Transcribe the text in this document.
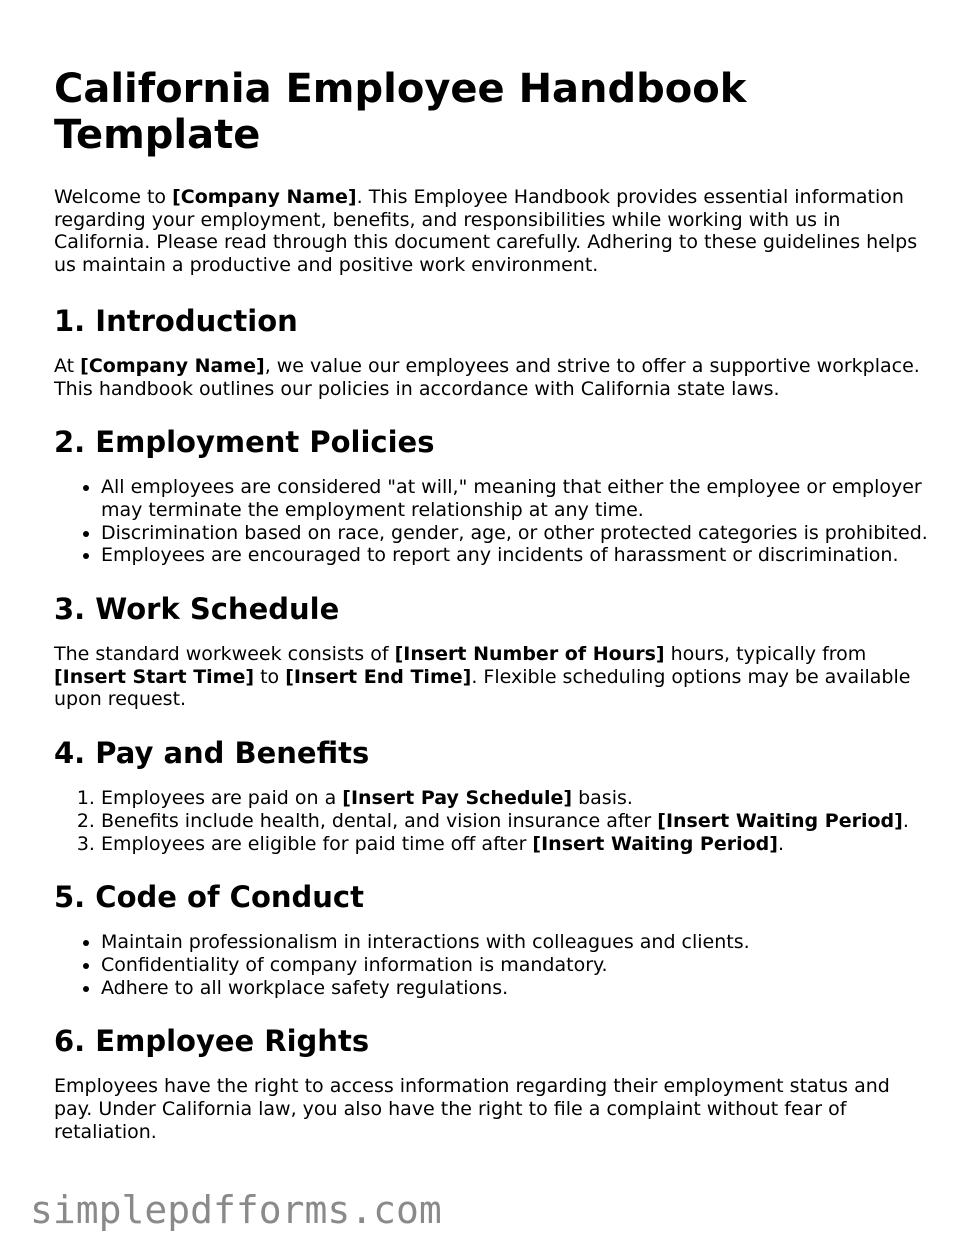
California Employee Handbook Template

Welcome to [Company Name]. This Employee Handbook provides essential information regarding your employment, benefits, and responsibilities while working with us in California. Please read through this document carefully. Adhering to these guidelines helps us maintain a productive and positive work environment.

1. Introduction

At [Company Name], we value our employees and strive to offer a supportive workplace. This handbook outlines our policies in accordance with California state laws.

2. Employment Policies
• All employees are considered "at will," meaning that either the employee or employer may terminate the employment relationship at any time.
• Discrimination based on race, gender, age, or other protected categories is prohibited.
• Employees are encouraged to report any incidents of harassment or discrimination.
3. Work Schedule

The standard workweek consists of [Insert Number of Hours] hours, typically from [Insert Start Time] to [Insert End Time]. Flexible scheduling options may be available upon request.

4. Pay and Benefits
1. Employees are paid on a [Insert Pay Schedule] basis.
2. Benefits include health, dental, and vision insurance after [Insert Waiting Period].
3. Employees are eligible for paid time off after [Insert Waiting Period].
5. Code of Conduct
• Maintain professionalism in interactions with colleagues and clients.
• Confidentiality of company information is mandatory.
• Adhere to all workplace safety regulations.
6. Employee Rights

Employees have the right to access information regarding their employment status and pay. Under California law, you also have the right to file a complaint without fear of retaliation.

simplepdfforms.com
